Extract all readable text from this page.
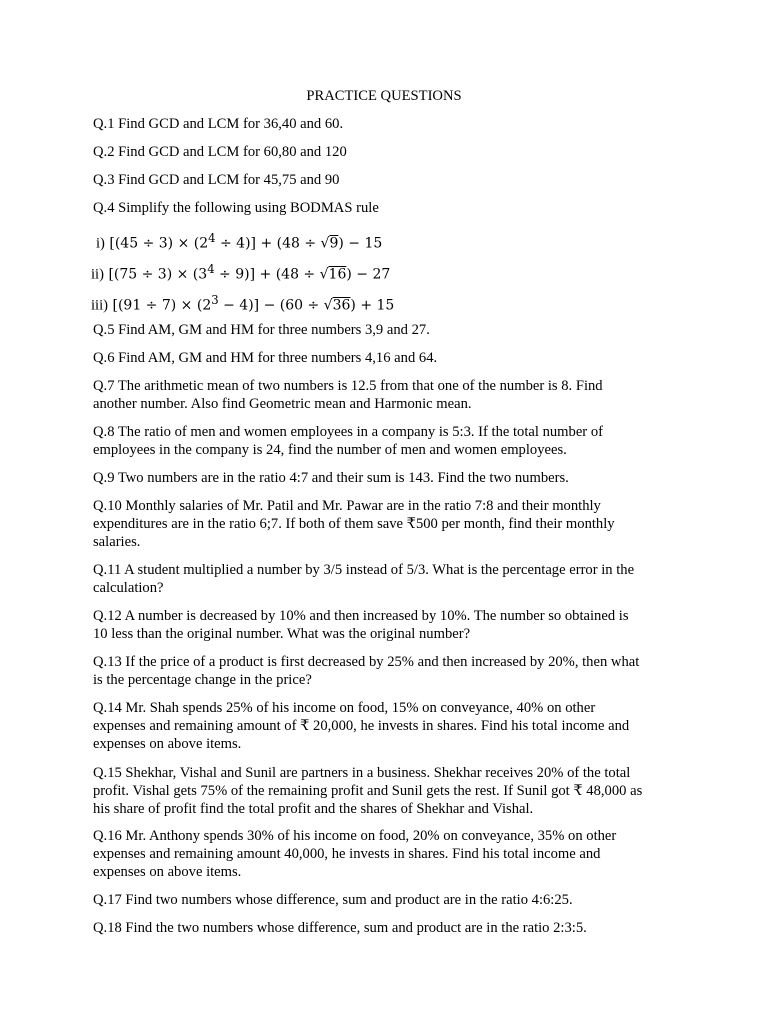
PRACTICE QUESTIONS
Q.1 Find GCD and LCM for 36,40 and 60.
Q.2 Find GCD and LCM for 60,80 and 120
Q.3 Find GCD and LCM for 45,75 and 90
Q.4 Simplify the following using BODMAS rule
i) $[(45 \div 3) \times (2^4 \div 4)] + (48 \div √9) - 15$
ii) $[(75 \div 3) \times (3^4 \div 9)] + (48 \div √16) - 27$
iii) $[(91 \div 7) \times (2^3 - 4)] - (60 \div √36) + 15$
Q.5 Find AM, GM and HM for three numbers 3,9 and 27.
Q.6 Find AM, GM and HM for three numbers 4,16 and 64.
Q.7 The arithmetic mean of two numbers is 12.5 from that one of the number is 8. Find
another number. Also find Geometric mean and Harmonic mean.
Q.8 The ratio of men and women employees in a company is 5:3. If the total number of
employees in the company is 24, find the number of men and women employees.
Q.9 Two numbers are in the ratio 4:7 and their sum is 143. Find the two numbers.
Q.10 Monthly salaries of Mr. Patil and Mr. Pawar are in the ratio 7:8 and their monthly
expenditures are in the ratio 6;7. If both of them save ₹500 per month, find their monthly
salaries.
Q.11 A student multiplied a number by 3/5 instead of 5/3. What is the percentage error in the
calculation?
Q.12 A number is decreased by 10% and then increased by 10%. The number so obtained is
10 less than the original number. What was the original number?
Q.13 If the price of a product is first decreased by 25% and then increased by 20%, then what
is the percentage change in the price?
Q.14 Mr. Shah spends 25% of his income on food, 15% on conveyance, 40% on other
expenses and remaining amount of ₹ 20,000, he invests in shares. Find his total income and
expenses on above items.
Q.15 Shekhar, Vishal and Sunil are partners in a business. Shekhar receives 20% of the total
profit. Vishal gets 75% of the remaining profit and Sunil gets the rest. If Sunil got ₹ 48,000 as
his share of profit find the total profit and the shares of Shekhar and Vishal.
Q.16 Mr. Anthony spends 30% of his income on food, 20% on conveyance, 35% on other
expenses and remaining amount 40,000, he invests in shares. Find his total income and
expenses on above items.
Q.17 Find two numbers whose difference, sum and product are in the ratio 4:6:25.
Q.18 Find the two numbers whose difference, sum and product are in the ratio 2:3:5.
